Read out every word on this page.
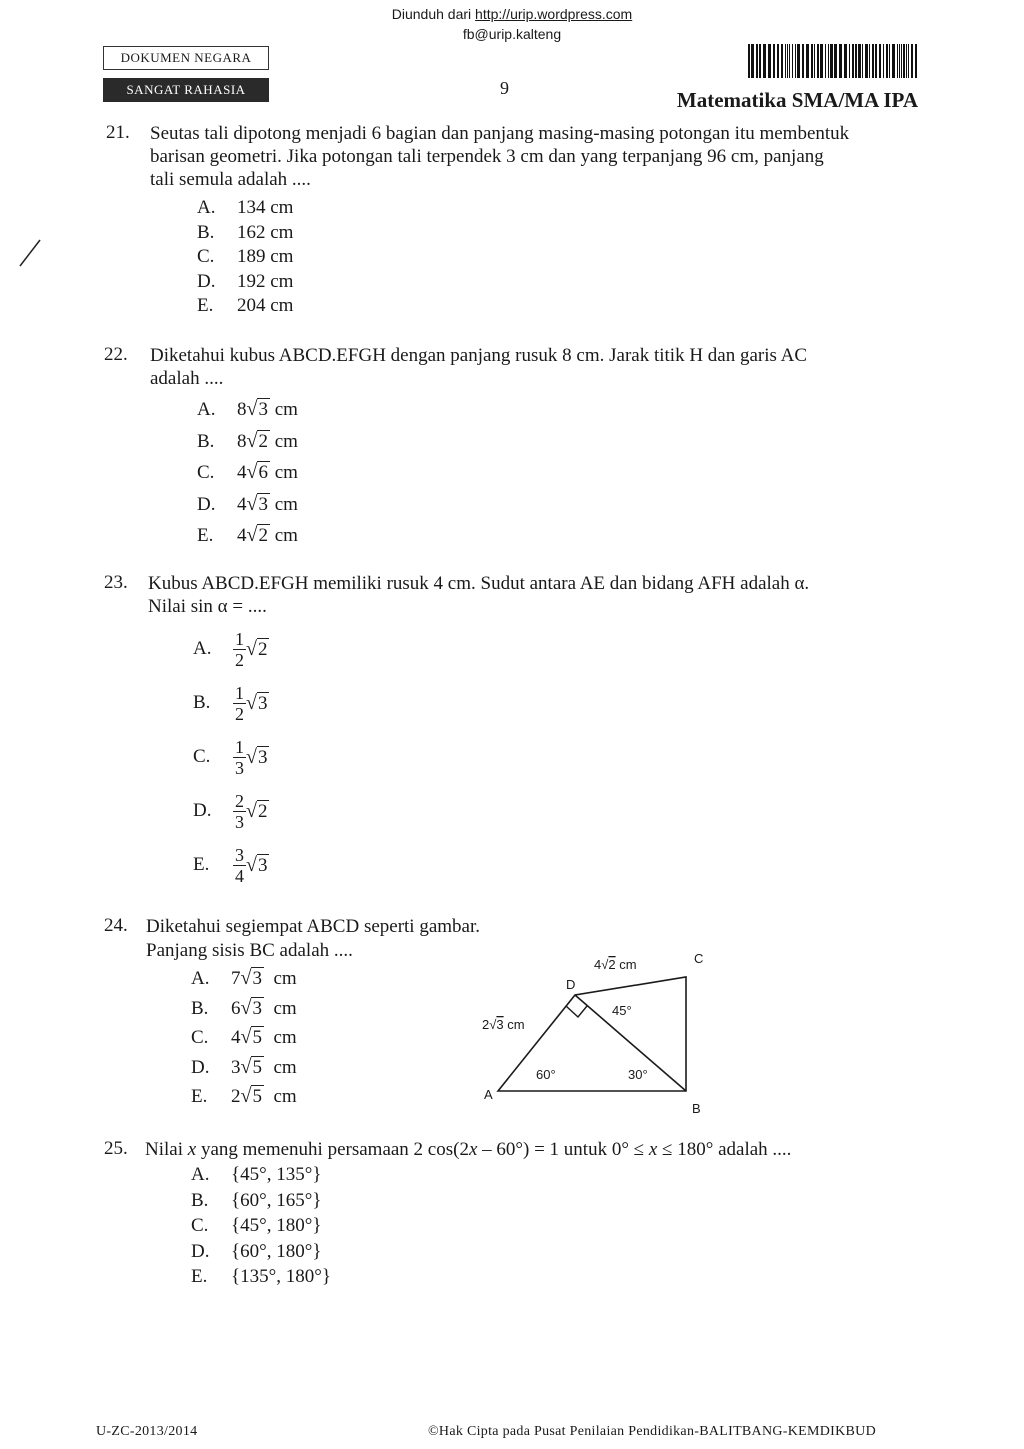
Diunduh dari http://urip.wordpress.com
fb@urip.kalteng
DOKUMEN NEGARA
SANGAT RAHASIA	9	Matematika SMA/MA IPA
21. Seutas tali dipotong menjadi 6 bagian dan panjang masing-masing potongan itu membentuk
barisan geometri. Jika potongan tali terpendek 3 cm dan yang terpanjang 96 cm, panjang
tali semula adalah ....
A. 134 cm
B. 162 cm
C. 189 cm
D. 192 cm
E. 204 cm
22. Diketahui kubus ABCD.EFGH dengan panjang rusuk 8 cm. Jarak titik H dan garis AC
adalah ....
A. 8√3 cm
B. 8√2 cm
C. 4√6 cm
D. 4√3 cm
E. 4√2 cm
23. Kubus ABCD.EFGH memiliki rusuk 4 cm. Sudut antara AE dan bidang AFH adalah α.
Nilai sin α = ....
A.	$\frac{1}{2} √2$
B.	$\frac{1}{2} √3$
C.	$\frac{1}{3} √3$
D.	$\frac{2}{3} √2$
E.	$\frac{3}{4} √3$
24. Diketahui segiempat ABCD seperti gambar.
Panjang sisis BC adalah ....
A. 7√3 cm
B. 6√3 cm
C. 4√5 cm
D. 3√5 cm
E. 2√5 cm	A
B
C
D
4√2 cm
2√3 cm
60°	30°
45°
25. Nilai x yang memenuhi persamaan 2 cos(2x – 60°) = 1 untuk 0° ≤ x ≤ 180° adalah ....
A. {45°, 135°}
B. {60°, 165°}
C. {45°, 180°}
D. {60°, 180°}
E. {135°, 180°}
U-ZC-2013/2014	©Hak Cipta pada Pusat Penilaian Pendidikan-BALITBANG-KEMDIKBUD
